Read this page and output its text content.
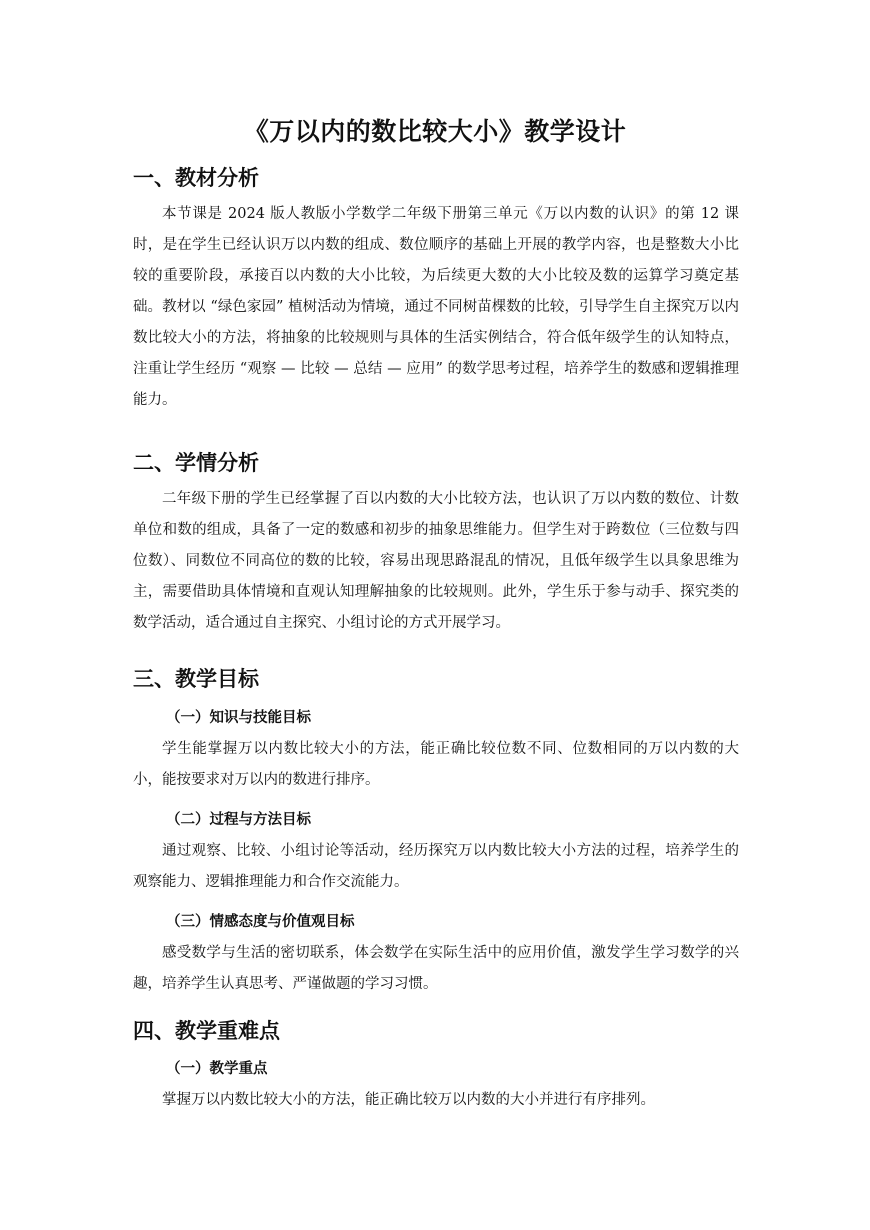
《万以内的数比较大小》教学设计
一、教材分析

本节课是 2024 版人教版小学数学二年级下册第三单元《万以内数的认识》的第 12 课时，是在学生已经认识万以内数的组成、数位顺序的基础上开展的教学内容，也是整数大小比较的重要阶段，承接百以内数的大小比较，为后续更大数的大小比较及数的运算学习奠定基础。教材以 “绿色家园” 植树活动为情境，通过不同树苗棵数的比较，引导学生自主探究万以内数比较大小的方法，将抽象的比较规则与具体的生活实例结合，符合低年级学生的认知特点，注重让学生经历 “观察 — 比较 — 总结 — 应用” 的数学思考过程，培养学生的数感和逻辑推理能力。

二、学情分析

二年级下册的学生已经掌握了百以内数的大小比较方法，也认识了万以内数的数位、计数单位和数的组成，具备了一定的数感和初步的抽象思维能力。但学生对于跨数位（三位数与四位数）、同数位不同高位的数的比较，容易出现思路混乱的情况，且低年级学生以具象思维为主，需要借助具体情境和直观认知理解抽象的比较规则。此外，学生乐于参与动手、探究类的数学活动，适合通过自主探究、小组讨论的方式开展学习。

三、教学目标
（一）知识与技能目标

学生能掌握万以内数比较大小的方法，能正确比较位数不同、位数相同的万以内数的大小，能按要求对万以内的数进行排序。

（二）过程与方法目标

通过观察、比较、小组讨论等活动，经历探究万以内数比较大小方法的过程，培养学生的观察能力、逻辑推理能力和合作交流能力。

（三）情感态度与价值观目标

感受数学与生活的密切联系，体会数学在实际生活中的应用价值，激发学生学习数学的兴趣，培养学生认真思考、严谨做题的学习习惯。

四、教学重难点
（一）教学重点

掌握万以内数比较大小的方法，能正确比较万以内数的大小并进行有序排列。
